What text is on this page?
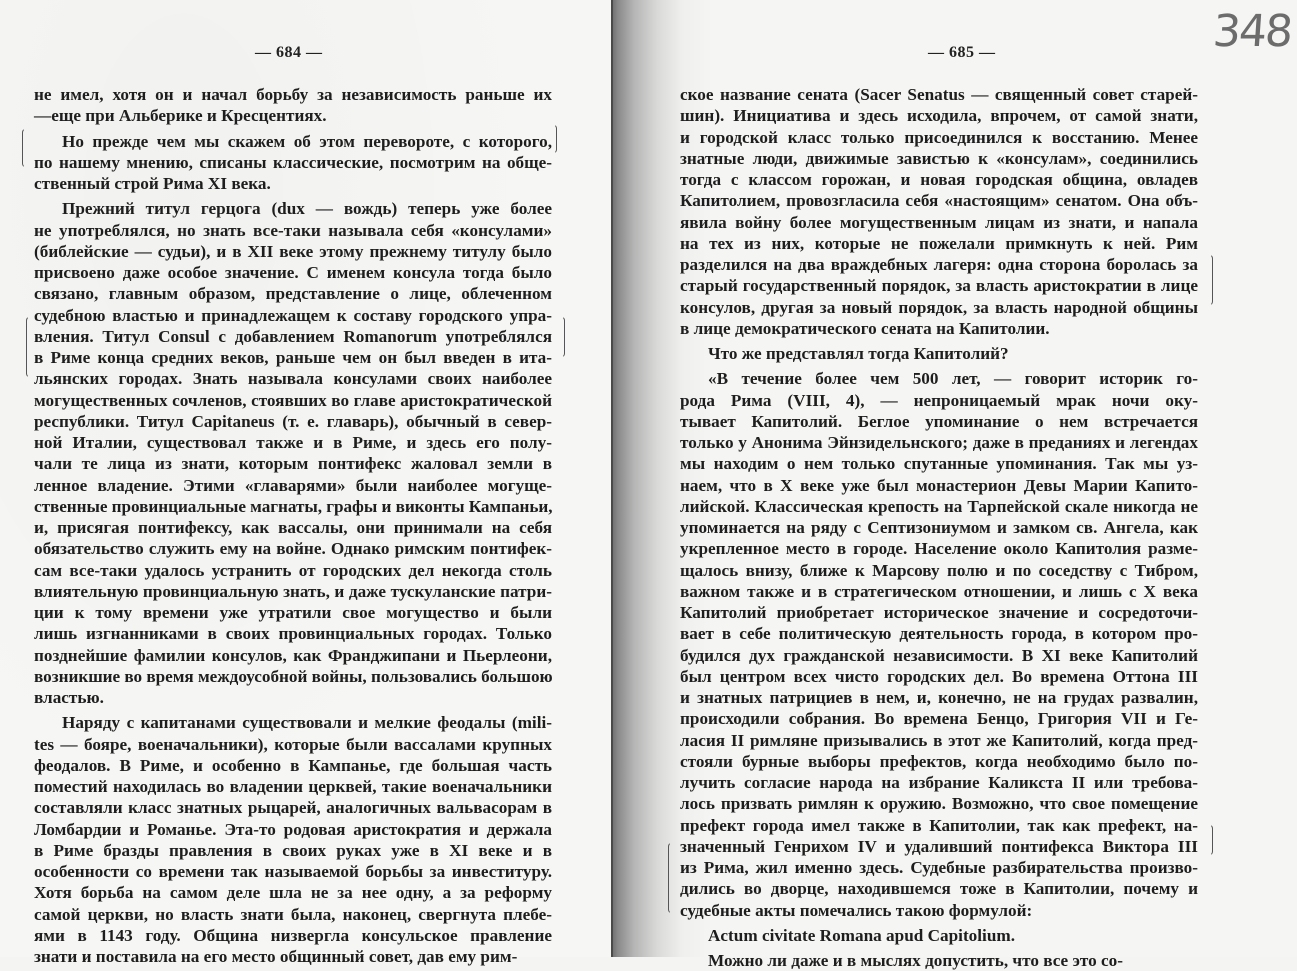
— 684 —
не имел, хотя он и начал борьбу за независимость раньше их
—еще при Альберике и Кресцентиях.
Но прежде чем мы скажем об этом перевороте, с которого,
по нашему мнению, списаны классические, посмотрим на обще-
ственный строй Рима XI века.
Прежний титул герцога (dux — вождь) теперь уже более
не употреблялся, но знать все-таки называла себя «консулами»
(библейские — судьи), и в XII веке этому прежнему титулу было
присвоено даже особое значение. С именем консула тогда было
связано, главным образом, представление о лице, облеченном
судебною властью и принадлежащем к составу городского упра-
вления. Титул Consul с добавлением Romanorum употреблялся
в Риме конца средних веков, раньше чем он был введен в ита-
льянских городах. Знать называла консулами своих наиболее
могущественных сочленов, стоявших во главе аристократической
республики. Титул Capitaneus (т. е. главарь), обычный в север-
ной Италии, существовал также и в Риме, и здесь его полу-
чали те лица из знати, которым понтифекс жаловал земли в
ленное владение. Этими «главарями» были наиболее могуще-
ственные провинциальные магнаты, графы и виконты Кампаньи,
и, присягая понтифексу, как вассалы, они принимали на себя
обязательство служить ему на войне. Однако римским понтифек-
сам все-таки удалось устранить от городских дел некогда столь
влиятельную провинциальную знать, и даже тускуланские патри-
ции к тому времени уже утратили свое могущество и были
лишь изгнанниками в своих провинциальных городах. Только
позднейшие фамилии консулов, как Франджипани и Пьерлеони,
возникшие во время междоусобной войны, пользовались большою
властью.
Наряду с капитанами существовали и мелкие феодалы (mili-
tes — бояре, военачальники), которые были вассалами крупных
феодалов. В Риме, и особенно в Кампанье, где большая часть
поместий находилась во владении церквей, такие военачальники
составляли класс знатных рыцарей, аналогичных вальвасорам в
Ломбардии и Романье. Эта-то родовая аристократия и держала
в Риме бразды правления в своих руках уже в XI веке и в
особенности со времени так называемой борьбы за инвеституру.
Хотя борьба на самом деле шла не за нее одну, а за реформу
самой церкви, но власть знати была, наконец, свергнута плебе-
ями в 1143 году. Община низвергла консульское правление
знати и поставила на его место общинный совет, дав ему рим-
348
— 685 —
ское название сената (Sacer Senatus — священный совет старей-
шин). Инициатива и здесь исходила, впрочем, от самой знати,
и городской класс только присоединился к восстанию. Менее
знатные люди, движимые завистью к «консулам», соединились
тогда с классом горожан, и новая городская община, овладев
Капитолием, провозгласила себя «настоящим» сенатом. Она объ-
явила войну более могущественным лицам из знати, и напала
на тех из них, которые не пожелали примкнуть к ней. Рим
разделился на два враждебных лагеря: одна сторона боролась за
старый государственный порядок, за власть аристократии в лице
консулов, другая за новый порядок, за власть народной общины
в лице демократического сената на Капитолии.
Что же представлял тогда Капитолий?
«В течение более чем 500 лет, — говорит историк го-
рода Рима (VIII, 4), — непроницаемый мрак ночи оку-
тывает Капитолий. Беглое упоминание о нем встречается
только у Анонима Эйнзидельнского; даже в преданиях и легендах
мы находим о нем только спутанные упоминания. Так мы уз-
наем, что в X веке уже был монастерион Девы Марии Капито-
лийской. Классическая крепость на Тарпейской скале никогда не
упоминается на ряду с Септизониумом и замком св. Ангела, как
укрепленное место в городе. Население около Капитолия разме-
щалось внизу, ближе к Марсову полю и по соседству с Тибром,
важном также и в стратегическом отношении, и лишь с X века
Капитолий приобретает историческое значение и сосредоточи-
вает в себе политическую деятельность города, в котором про-
будился дух гражданской независимости. В XI веке Капитолий
был центром всех чисто городских дел. Во времена Оттона III
и знатных патрициев в нем, и, конечно, не на грудах развалин,
происходили собрания. Во времена Бенцо, Григория VII и Ге-
ласия II римляне призывались в этот же Капитолий, когда пред-
стояли бурные выборы префектов, когда необходимо было по-
лучить согласие народа на избрание Каликста II или требова-
лось призвать римлян к оружию. Возможно, что свое помещение
префект города имел также в Капитолии, так как префект, на-
значенный Генрихом IV и удаливший понтифекса Виктора III
из Рима, жил именно здесь. Судебные разбирательства произво-
дились во дворце, находившемся тоже в Капитолии, почему и
судебные акты помечались такою формулой:
Actum civitate Romana apud Capitolium.
Можно ли даже и в мыслях допустить, что все это со-
